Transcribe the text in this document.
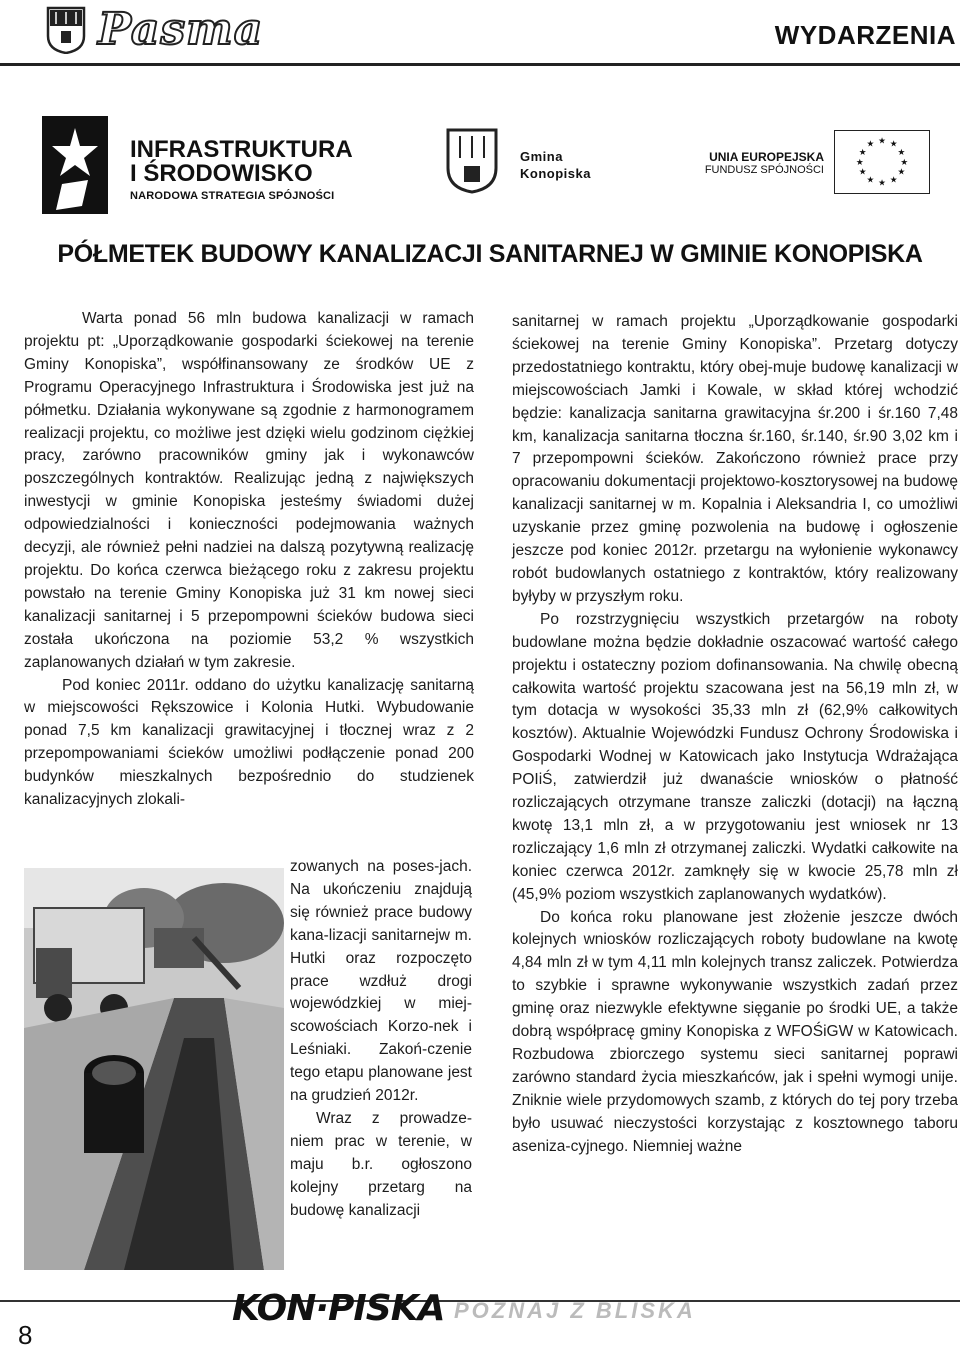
Pasma	WYDARZENIA
INFRASTRUKTURA
I ŚRODOWISKO
NARODOWA STRATEGIA SPÓJNOŚCI
Gmina
Konopiska
UNIA EUROPEJSKA
FUNDUSZ SPÓJNOŚCI
★ ★
★
★
★
★
★
★
★
★
★
★
PÓŁMETEK BUDOWY KANALIZACJI SANITARNEJ W GMINIE KONOPISKA

Warta ponad 56 mln budowa kanalizacji w ramach projektu pt: „Uporządkowanie gospodarki ściekowej na terenie Gminy Konopiska”, współfinansowany ze środków UE z Programu Operacyjnego Infrastruktura i Środowiska jest już na półmetku. Działania wykonywane są zgodnie z harmonogramem realizacji projektu, co możliwe jest dzięki wielu godzinom ciężkiej pracy, zarówno pracowników gminy jak i wykonawców poszczególnych kontraktów. Realizując jedną z największych inwestycji w gminie Konopiska jesteśmy świadomi dużej odpowiedzialności i konieczności podejmowania ważnych decyzji, ale również pełni nadziei na dalszą pozytywną realizację projektu. Do końca czerwca bieżącego roku z zakresu projektu powstało na terenie Gminy Konopiska już 31 km nowej sieci kanalizacji sanitarnej i 5 przepompowni ścieków budowa sieci została ukończona na poziomie 53,2 % wszystkich zaplanowanych działań w tym zakresie.

Pod koniec 2011r. oddano do użytku kanalizację sanitarną w miejscowości Rększowice i Kolonia Hutki. Wybudowanie ponad 7,5 km kanalizacji grawitacyjnej i tłocznej wraz z 2 przepompowaniami ścieków umożliwi podłączenie ponad 200 budynków mieszkalnych bezpośrednio do studzienek kanalizacyjnych zlokali-

zowanych na poses-jach. Na ukończeniu znajdują się również prace budowy kana-lizacji sanitarnejw m. Hutki oraz rozpoczęto prace wzdłuż drogi wojewódzkiej w miej-scowościach Korzo-nek i Leśniaki. Zakoń-czenie tego etapu planowane jest na grudzień 2012r.

Wraz z prowadze-niem prac w terenie, w maju b.r. ogłoszono kolejny przetarg na budowę kanalizacji

sanitarnej w ramach projektu „Uporządkowanie gospodarki ściekowej na terenie Gminy Konopiska”. Przetarg dotyczy przedostatniego kontraktu, który obej-muje budowę kanalizacji w miejscowościach Jamki i Kowale, w skład której wchodzić będzie: kanalizacja sanitarna grawitacyjna śr.200 i śr.160 7,48 km, kanalizacja sanitarna tłoczna śr.160, śr.140, śr.90 3,02 km i 7 przepompowni ścieków. Zakończono również prace przy opracowaniu dokumentacji projektowo-kosztorysowej na budowę kanalizacji sanitarnej w m. Kopalnia i Aleksandria I, co umożliwi uzyskanie przez gminę pozwolenia na budowę i ogłoszenie jeszcze pod koniec 2012r. przetargu na wyłonienie wykonawcy robót budowlanych ostatniego z kontraktów, który realizowany byłyby w przyszłym roku.

Po rozstrzygnięciu wszystkich przetargów na roboty budowlane można będzie dokładnie oszacować wartość całego projektu i ostateczny poziom dofinansowania. Na chwilę obecną całkowita wartość projektu szacowana jest na 56,19 mln zł, w tym dotacja w wysokości 35,33 mln zł (62,9% całkowitych kosztów). Aktualnie Wojewódzki Fundusz Ochrony Środowiska i Gospodarki Wodnej w Katowicach jako Instytucja Wdrażająca POIiŚ, zatwierdził już dwanaście wniosków o płatność rozliczających otrzymane transze zaliczki (dotacji) na łączną kwotę 13,1 mln zł, a w przygotowaniu jest wniosek nr 13 rozliczający 1,6 mln zł otrzymanej zaliczki. Wydatki całkowite na koniec czerwca 2012r. zamknęły się w kwocie 25,78 mln zł (45,9% poziom wszystkich zaplanowanych wydatków).

Do końca roku planowane jest złożenie jeszcze dwóch kolejnych wniosków rozliczających roboty budowlane na kwotę 4,84 mln zł w tym 4,11 mln kolejnych transz zaliczek. Potwierdza to szybkie i sprawne wykonywanie wszystkich zadań przez gminę oraz niezwykle efektywne sięganie po środki UE, a także dobrą współpracę gminy Konopiska z WFOŚiGW w Katowicach. Rozbudowa zbiorczego systemu sieci sanitarnej poprawi zarówno standard życia mieszkańców, jak i spełni wymogi unije. Zniknie wiele przydomowych szamb, z których do tej pory trzeba było usuwać nieczystości korzystając z kosztownego taboru aseniza-cyjnego. Niemniej ważne

8
KON·PISKA POZNAJ Z BLISKA
